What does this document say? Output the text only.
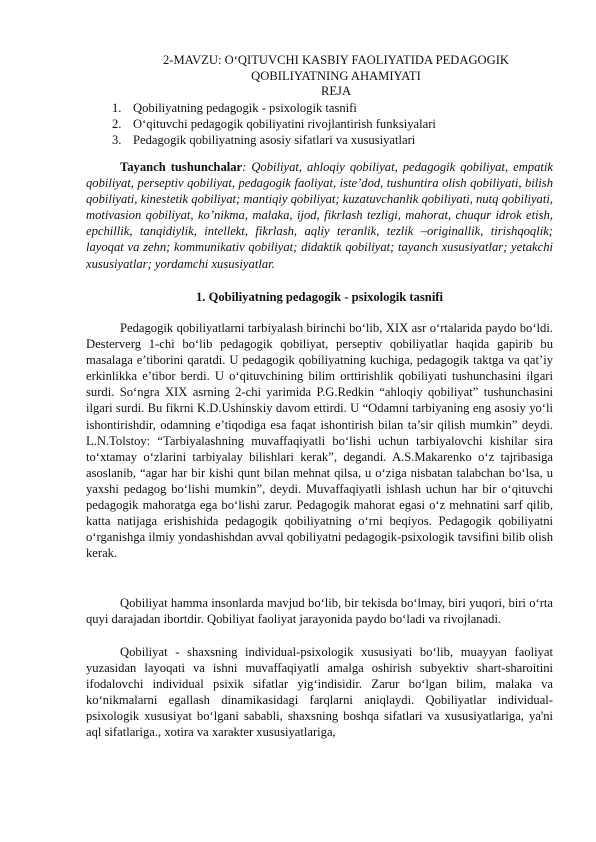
2-MAVZU: O‘QITUVCHI KASBIY FAOLIYATIDA PEDAGOGIK
QOBILIYATNING AHAMIYATI
REJA
1. Qobiliyatning pedagogik - psixologik tasnifi
2. O‘qituvchi pedagogik qobiliyatini rivojlantirish funksiyalari
3. Pedagogik qobiliyatning asosiy sifatlari va xususiyatlari

Tayanch tushunchalar: Qobiliyat, ahloqiy qobiliyat, pedagogik qobiliyat, empatik qobiliyat, perseptiv qobiliyat, pedagogik faoliyat, iste’dod, tushuntira olish qobiliyati, bilish qobiliyati, kinestetik qobiliyat; mantiqiy qobiliyat; kuzatuvchanlik qobiliyati, nutq qobiliyati, motivasion qobiliyat, ko’nikma, malaka, ijod, fikrlash tezligi, mahorat, chuqur idrok etish, epchillik, tanqidiylik, intellekt, fikrlash, aqliy teranlik, tezlik –originallik, tirishqoqlik; layoqat va zehn; kommunikativ qobiliyat; didaktik qobiliyat; tayanch xususiyatlar; yetakchi xususiyatlar; yordamchi xususiyatlar.

1. Qobiliyatning pedagogik - psixologik tasnifi

Pedagogik qobiliyatlarni tarbiyalash birinchi bo‘lib, XIX asr o‘rtalarida paydo bo‘ldi. Desterverg 1-chi bo‘lib pedagogik qobiliyat, perseptiv qobiliyatlar haqida gapirib bu masalaga e’tiborini qaratdi. U pedagogik qobiliyatning kuchiga, pedagogik taktga va qat’iy erkinlikka e’tibor berdi. U o‘qituvchining bilim orttirishlik qobiliyati tushunchasini ilgari surdi. So‘ngra XIX asrning 2-chi yarimida P.G.Redkin “ahloqiy qobiliyat” tushunchasini ilgari surdi. Bu fikrni K.D.Ushinskiy davom ettirdi. U “Odamni tarbiyaning eng asosiy yo‘li ishontirishdir, odamning e’tiqodiga esa faqat ishontirish bilan ta’sir qilish mumkin” deydi. L.N.Tolstoy: “Tarbiyalashning muvaffaqiyatli bo‘lishi uchun tarbiyalovchi kishilar sira to‘xtamay o‘zlarini tarbiyalay bilishlari kerak”, degandi. A.S.Makarenko o‘z tajribasiga asoslanib, “agar har bir kishi qunt bilan mehnat qilsa, u o‘ziga nisbatan talabchan bo‘lsa, u yaxshi pedagog bo‘lishi mumkin”, deydi. Muvaffaqiyatli ishlash uchun har bir o‘qituvchi pedagogik mahoratga ega bo‘lishi zarur. Pedagogik mahorat egasi o‘z mehnatini sarf qilib, katta natijaga erishishida pedagogik qobiliyatning o‘rni beqiyos. Pedagogik qobiliyatni o‘rganishga ilmiy yondashishdan avval qobiliyatni pedagogik-psixologik tavsifini bilib olish kerak.

Qobiliyat hamma insonlarda mavjud bo‘lib, bir tekisda bo‘lmay, biri yuqori, biri o‘rta quyi darajadan ibortdir. Qobiliyat faoliyat jarayonida paydo bo‘ladi va rivojlanadi.

Qobiliyat - shaxsning individual-psixologik xususiyati bo‘lib, muayyan faoliyat yuzasidan layoqati va ishni muvaffaqiyatli amalga oshirish subyektiv shart-sharoitini ifodalovchi individual psixik sifatlar yig‘indisidir. Zarur bo‘lgan bilim, malaka va ko‘nikmalarni egallash dinamikasidagi farqlarni aniqlaydi. Qobiliyatlar individual-psixologik xususiyat bo‘lgani sababli, shaxsning boshqa sifatlari va xususiyatlariga, ya'ni aql sifatlariga., xotira va xarakter xususiyatlariga,
